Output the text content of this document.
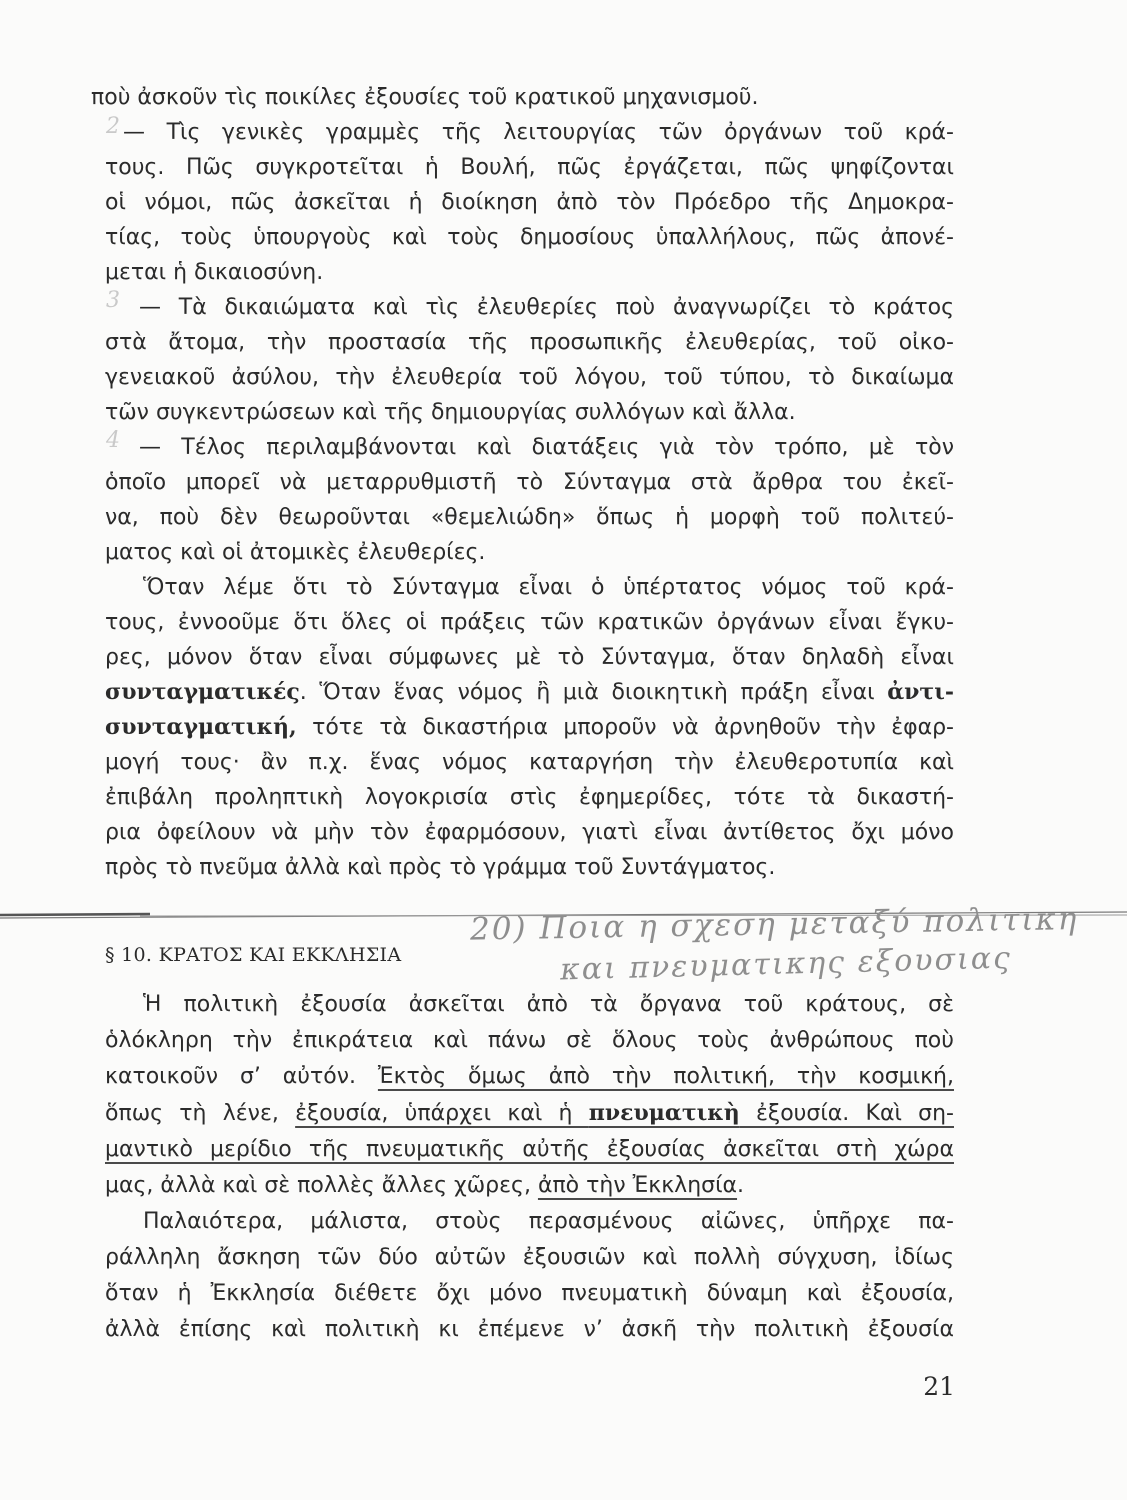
2
3
4
ποὺ ἀσκοῦν τὶς ποικίλες ἐξουσίες τοῦ κρατικοῦ μηχανισμοῦ.
— Τὶς γενικὲς γραμμὲς τῆς λειτουργίας τῶν ὀργάνων τοῦ κρά-
τους. Πῶς συγκροτεῖται ἡ Βουλή, πῶς ἐργάζεται, πῶς ψηφίζονται
οἱ νόμοι, πῶς ἀσκεῖται ἡ διοίκηση ἀπὸ τὸν Πρόεδρο τῆς Δημοκρα-
τίας, τοὺς ὑπουργοὺς καὶ τοὺς δημοσίους ὑπαλλήλους, πῶς ἀπονέ-
μεται ἡ δικαιοσύνη.
— Τὰ δικαιώματα καὶ τὶς ἐλευθερίες ποὺ ἀναγνωρίζει τὸ κράτος
στὰ ἄτομα, τὴν προστασία τῆς προσωπικῆς ἐλευθερίας, τοῦ οἰκο-
γενειακοῦ ἀσύλου, τὴν ἐλευθερία τοῦ λόγου, τοῦ τύπου, τὸ δικαίωμα
τῶν συγκεντρώσεων καὶ τῆς δημιουργίας συλλόγων καὶ ἄλλα.
— Τέλος περιλαμβάνονται καὶ διατάξεις γιὰ τὸν τρόπο, μὲ τὸν
ὁποῖο μπορεῖ νὰ μεταρρυθμιστῆ τὸ Σύνταγμα στὰ ἄρθρα του ἐκεῖ-
να, ποὺ δὲν θεωροῦνται «θεμελιώδη» ὅπως ἡ μορφὴ τοῦ πολιτεύ-
ματος καὶ οἱ ἀτομικὲς ἐλευθερίες.
Ὅταν λέμε ὅτι τὸ Σύνταγμα εἶναι ὁ ὑπέρτατος νόμος τοῦ κρά-
τους, ἐννοοῦμε ὅτι ὅλες οἱ πράξεις τῶν κρατικῶν ὀργάνων εἶναι ἔγκυ-
ρες, μόνον ὅταν εἶναι σύμφωνες μὲ τὸ Σύνταγμα, ὅταν δηλαδὴ εἶναι
συνταγματικές. Ὅταν ἕνας νόμος ἢ μιὰ διοικητικὴ πράξη εἶναι ἀντι-
συνταγματική, τότε τὰ δικαστήρια μποροῦν νὰ ἀρνηθοῦν τὴν ἐφαρ-
μογή τους· ἂν π.χ. ἕνας νόμος καταργήση τὴν ἐλευθεροτυπία καὶ
ἐπιβάλη προληπτικὴ λογοκρισία στὶς ἐφημερίδες, τότε τὰ δικαστή-
ρια ὀφείλουν νὰ μὴν τὸν ἐφαρμόσουν, γιατὶ εἶναι ἀντίθετος ὄχι μόνο
πρὸς τὸ πνεῦμα ἀλλὰ καὶ πρὸς τὸ γράμμα τοῦ Συντάγματος.
§ 10. ΚΡΑΤΟΣ ΚΑΙ ΕΚΚΛΗΣΙΑ
20) Ποια η σχεση μεταξύ πολιτικη
και πνευματικης εξουσιας
Ἡ πολιτικὴ ἐξουσία ἀσκεῖται ἀπὸ τὰ ὄργανα τοῦ κράτους, σὲ
ὁλόκληρη τὴν ἐπικράτεια καὶ πάνω σὲ ὅλους τοὺς ἀνθρώπους ποὺ
κατοικοῦν σ’ αὐτόν. Ἐκτὸς ὅμως ἀπὸ τὴν πολιτική, τὴν κοσμική,
ὅπως τὴ λένε, ἐξουσία, ὑπάρχει καὶ ἡ πνευματικὴ ἐξουσία. Καὶ ση-
μαντικὸ μερίδιο τῆς πνευματικῆς αὐτῆς ἐξουσίας ἀσκεῖται στὴ χώρα
μας, ἀλλὰ καὶ σὲ πολλὲς ἄλλες χῶρες, ἀπὸ τὴν Ἐκκλησία.
Παλαιότερα, μάλιστα, στοὺς περασμένους αἰῶνες, ὑπῆρχε πα-
ράλληλη ἄσκηση τῶν δύο αὐτῶν ἐξουσιῶν καὶ πολλὴ σύγχυση, ἰδίως
ὅταν ἡ Ἐκκλησία διέθετε ὄχι μόνο πνευματικὴ δύναμη καὶ ἐξουσία,
ἀλλὰ ἐπίσης καὶ πολιτικὴ κι ἐπέμενε ν’ ἀσκῆ τὴν πολιτικὴ ἐξουσία
21
